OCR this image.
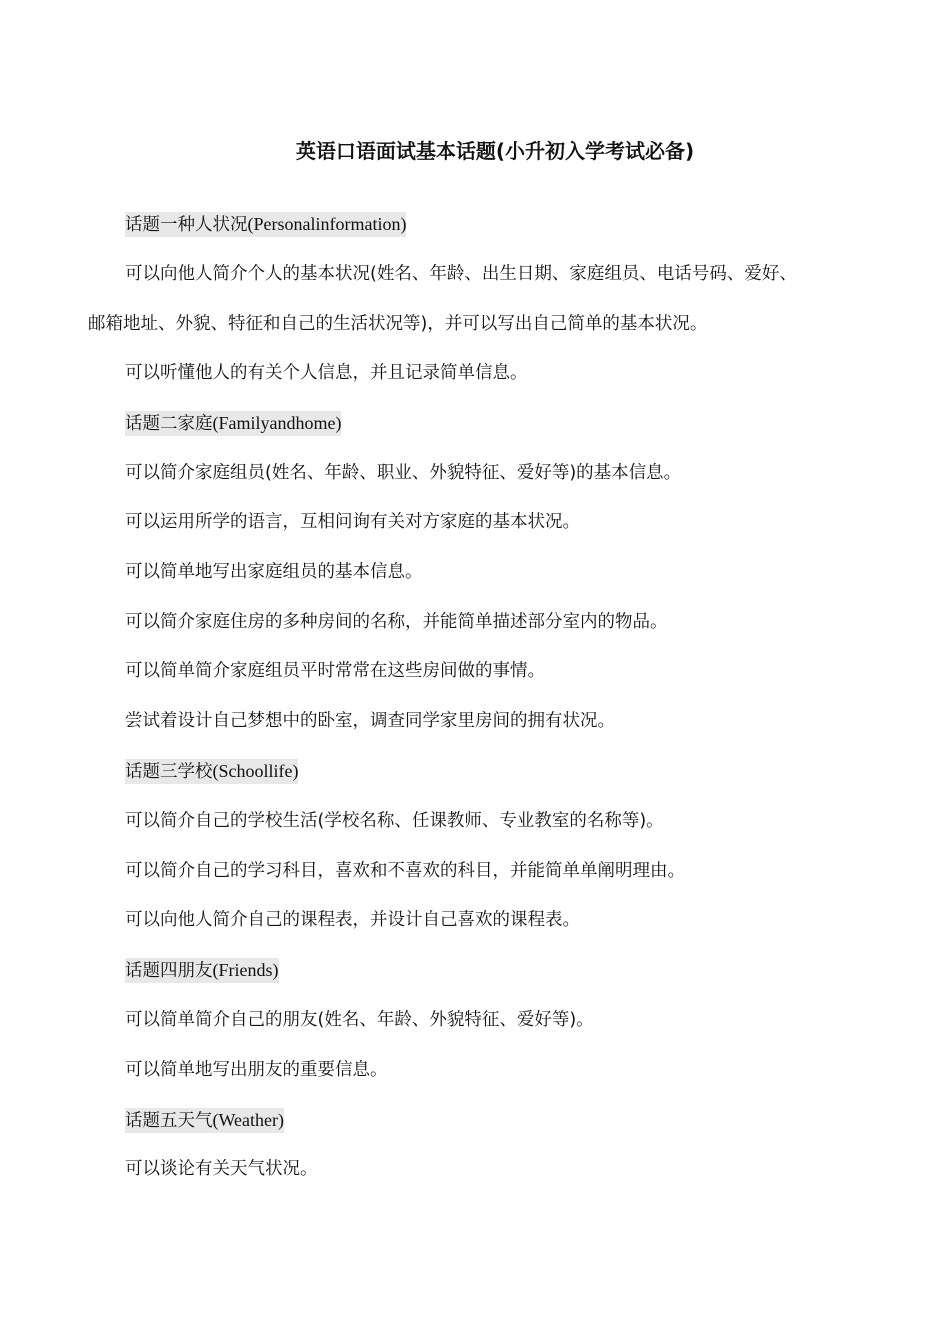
英语口语面试基本话题(小升初入学考试必备)
话题一种人状况(Personalinformation)
可以向他人简介个人的基本状况(姓名、年龄、出生日期、家庭组员、电话号码、爱好、
邮箱地址、外貌、特征和自己的生活状况等)，并可以写出自己简单的基本状况。
可以听懂他人的有关个人信息，并且记录简单信息。
话题二家庭(Familyandhome)
可以简介家庭组员(姓名、年龄、职业、外貌特征、爱好等)的基本信息。
可以运用所学的语言，互相问询有关对方家庭的基本状况。
可以简单地写出家庭组员的基本信息。
可以简介家庭住房的多种房间的名称，并能简单描述部分室内的物品。
可以简单简介家庭组员平时常常在这些房间做的事情。
尝试着设计自己梦想中的卧室，调查同学家里房间的拥有状况。
话题三学校(Schoollife)
可以简介自己的学校生活(学校名称、任课教师、专业教室的名称等)。
可以简介自己的学习科目，喜欢和不喜欢的科目，并能简单单阐明理由。
可以向他人简介自己的课程表，并设计自己喜欢的课程表。
话题四朋友(Friends)
可以简单简介自己的朋友(姓名、年龄、外貌特征、爱好等)。
可以简单地写出朋友的重要信息。
话题五天气(Weather)
可以谈论有关天气状况。
